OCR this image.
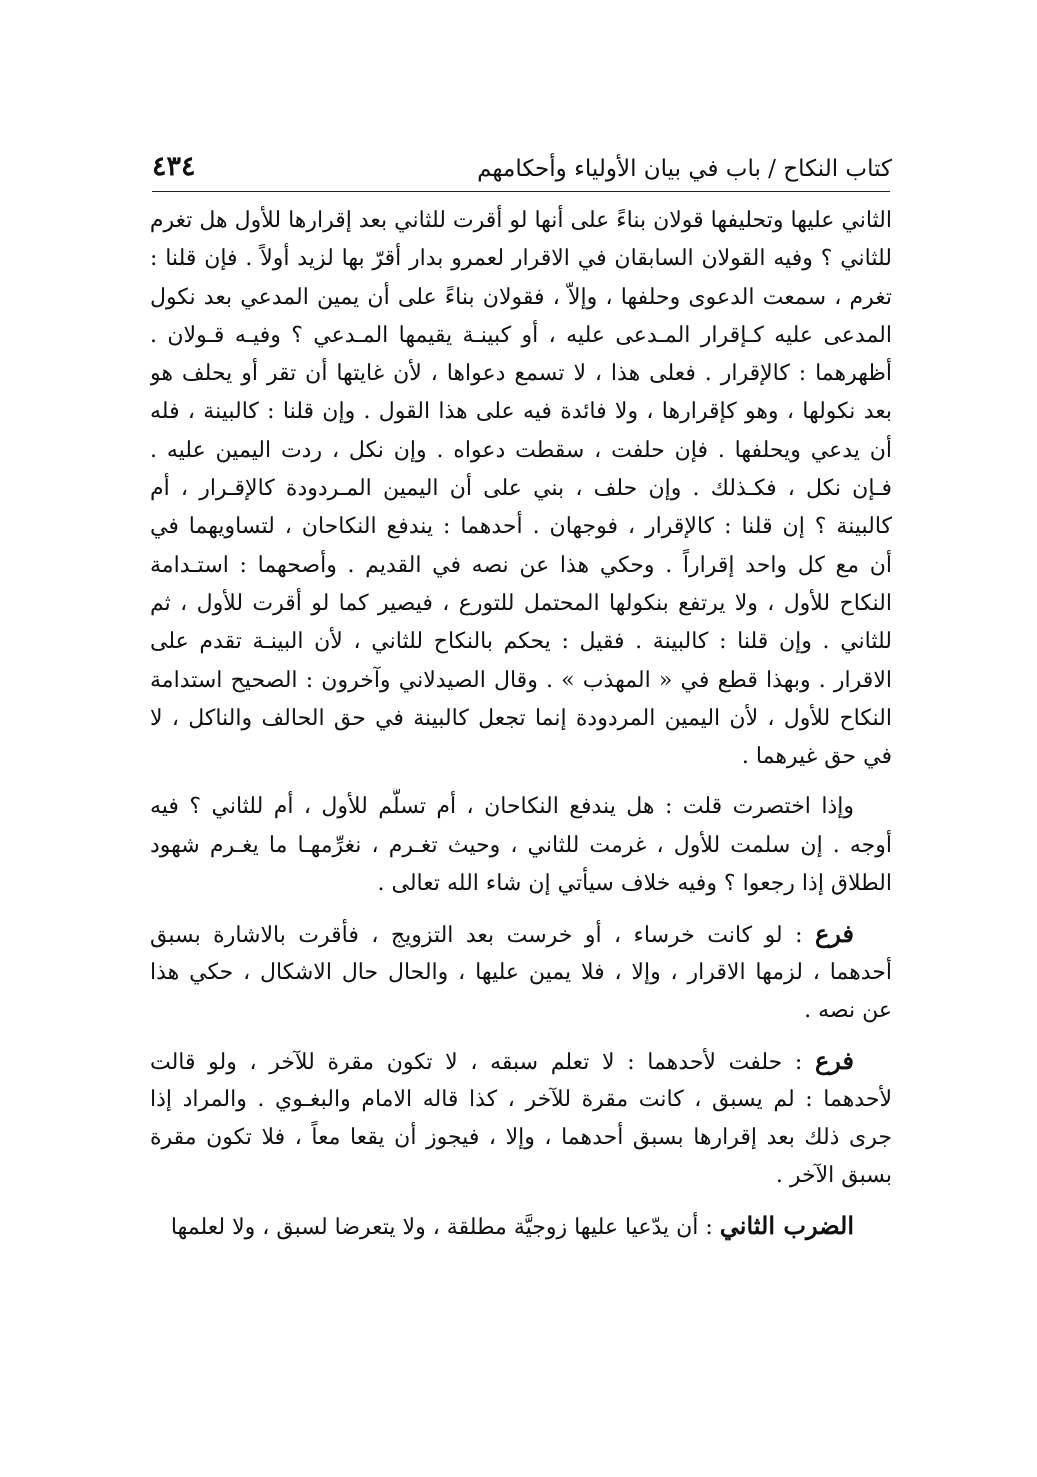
كتاب النكاح / باب في بيان الأولياء وأحكامهم
٤٣٤
الثاني عليها وتحليفها قولان بناءً على أنها لو أقرت للثاني بعد إقرارها للأول هل تغرم
للثاني ؟ وفيه القولان السابقان في الاقرار لعمرو بدار أقرّ بها لزيد أولاً . فإن قلنا :
تغرم ، سمعت الدعوى وحلفها ، وإلاّ ، فقولان بناءً على أن يمين المدعي بعد نكول
المدعى عليه كـإقرار المـدعى عليه ، أو كبينـة يقيمها المـدعي ؟ وفيـه قـولان .
أظهرهما : كالإقرار . فعلى هذا ، لا تسمع دعواها ، لأن غايتها أن تقر أو يحلف هو
بعد نكولها ، وهو كإقرارها ، ولا فائدة فيه على هذا القول . وإن قلنا : كالبينة ، فله
أن يدعي ويحلفها . فإن حلفت ، سقطت دعواه . وإن نكل ، ردت اليمين عليه .
فـإن نكل ، فكـذلك . وإن حلف ، بني على أن اليمين المـردودة كالإقـرار ، أم
كالبينة ؟ إن قلنا : كالإقرار ، فوجهان . أحدهما : يندفع النكاحان ، لتساويهما في
أن مع كل واحد إقراراً . وحكي هذا عن نصه في القديم . وأصحهما : استـدامة
النكاح للأول ، ولا يرتفع بنكولها المحتمل للتورع ، فيصير كما لو أقرت للأول ، ثم
للثاني . وإن قلنا : كالبينة . فقيل : يحكم بالنكاح للثاني ، لأن البينـة تقدم على
الاقرار . وبهذا قطع في « المهذب » . وقال الصيدلاني وآخرون : الصحيح استدامة
النكاح للأول ، لأن اليمين المردودة إنما تجعل كالبينة في حق الحالف والناكل ، لا
في حق غيرهما .
وإذا اختصرت قلت : هل يندفع النكاحان ، أم تسلَّم للأول ، أم للثاني ؟ فيه
أوجه . إن سلمت للأول ، غرمت للثاني ، وحيث تغـرم ، نغرِّمهـا ما يغـرم شهود
الطلاق إذا رجعوا ؟ وفيه خلاف سيأتي إن شاء الله تعالى .
فرع : لو كانت خرساء ، أو خرست بعد التزويج ، فأقرت بالاشارة بسبق
أحدهما ، لزمها الاقرار ، وإلا ، فلا يمين عليها ، والحال حال الاشكال ، حكي هذا
عن نصه .
فرع : حلفت لأحدهما : لا تعلم سبقه ، لا تكون مقرة للآخر ، ولو قالت
لأحدهما : لم يسبق ، كانت مقرة للآخر ، كذا قاله الامام والبغـوي . والمراد إذا
جرى ذلك بعد إقرارها بسبق أحدهما ، وإلا ، فيجوز أن يقعا معاً ، فلا تكون مقرة
بسبق الآخر .
الضرب الثاني : أن يدّعيا عليها زوجيَّة مطلقة ، ولا يتعرضا لسبق ، ولا لعلمها
